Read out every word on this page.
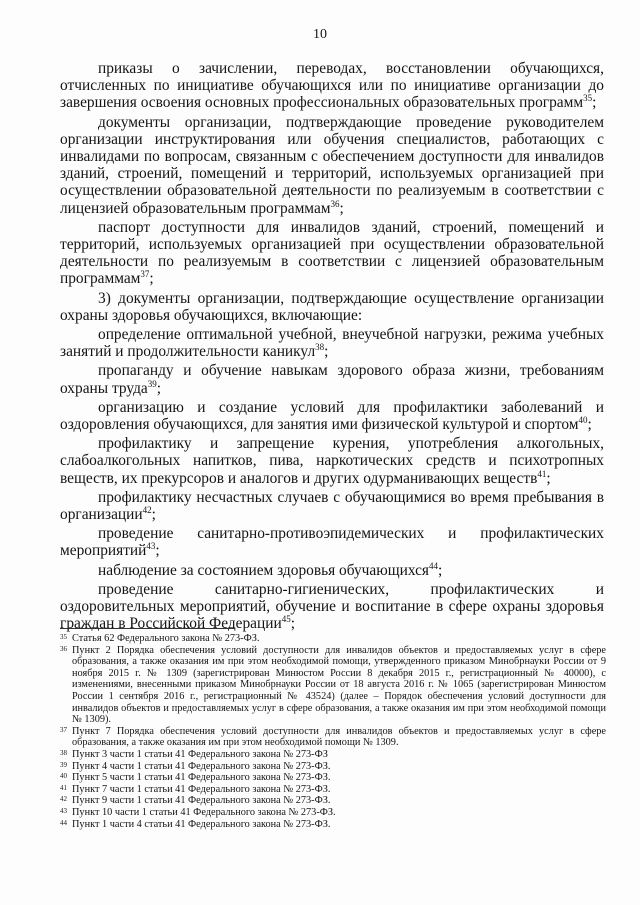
10

приказы о зачислении, переводах, восстановлении обучающихся, отчисленных по инициативе обучающихся или по инициативе организации до завершения освоения основных профессиональных образовательных программ$^{35}$;

документы организации, подтверждающие проведение руководителем организации инструктирования или обучения специалистов, работающих с инвалидами по вопросам, связанным с обеспечением доступности для инвалидов зданий, строений, помещений и территорий, используемых организацией при осуществлении образовательной деятельности по реализуемым в соответствии с лицензией образовательным программам$^{36}$;

паспорт доступности для инвалидов зданий, строений, помещений и территорий, используемых организацией при осуществлении образовательной деятельности по реализуемым в соответствии с лицензией образовательным программам$^{37}$;

3) документы организации, подтверждающие осуществление организации охраны здоровья обучающихся, включающие:

определение оптимальной учебной, внеучебной нагрузки, режима учебных занятий и продолжительности каникул$^{38}$;

пропаганду и обучение навыкам здорового образа жизни, требованиям охраны труда$^{39}$;

организацию и создание условий для профилактики заболеваний и оздоровления обучающихся, для занятия ими физической культурой и спортом$^{40}$;

профилактику и запрещение курения, употребления алкогольных, слабоалкогольных напитков, пива, наркотических средств и психотропных веществ, их прекурсоров и аналогов и других одурманивающих веществ$^{41}$;

профилактику несчастных случаев с обучающимися во время пребывания в организации$^{42}$;

проведение санитарно-противоэпидемических и профилактических мероприятий$^{43}$;

наблюдение за состоянием здоровья обучающихся$^{44}$;

проведение санитарно-гигиенических, профилактических и оздоровительных мероприятий, обучение и воспитание в сфере охраны здоровья граждан в Российской Федерации$^{45}$;

35 Статья 62 Федерального закона № 273-ФЗ.
36 Пункт 2 Порядка обеспечения условий доступности для инвалидов объектов и предоставляемых услуг в сфере образования, а также оказания им при этом необходимой помощи, утвержденного приказом Минобрнауки России от 9 ноября 2015 г. № 1309 (зарегистрирован Минюстом России 8 декабря 2015 г., регистрационный № 40000), с изменениями, внесенными приказом Минобрнауки России от 18 августа 2016 г. № 1065 (зарегистрирован Минюстом России 1 сентября 2016 г., регистрационный № 43524) (далее – Порядок обеспечения условий доступности для инвалидов объектов и предоставляемых услуг в сфере образования, а также оказания им при этом необходимой помощи № 1309).
37 Пункт 7 Порядка обеспечения условий доступности для инвалидов объектов и предоставляемых услуг в сфере образования, а также оказания им при этом необходимой помощи № 1309.
38 Пункт 3 части 1 статьи 41 Федерального закона № 273-ФЗ
39 Пункт 4 части 1 статьи 41 Федерального закона № 273-ФЗ.
40 Пункт 5 части 1 статьи 41 Федерального закона № 273-ФЗ.
41 Пункт 7 части 1 статьи 41 Федерального закона № 273-ФЗ.
42 Пункт 9 части 1 статьи 41 Федерального закона № 273-ФЗ.
43 Пункт 10 части 1 статьи 41 Федерального закона № 273-ФЗ.
44 Пункт 1 части 4 статьи 41 Федерального закона № 273-ФЗ.
